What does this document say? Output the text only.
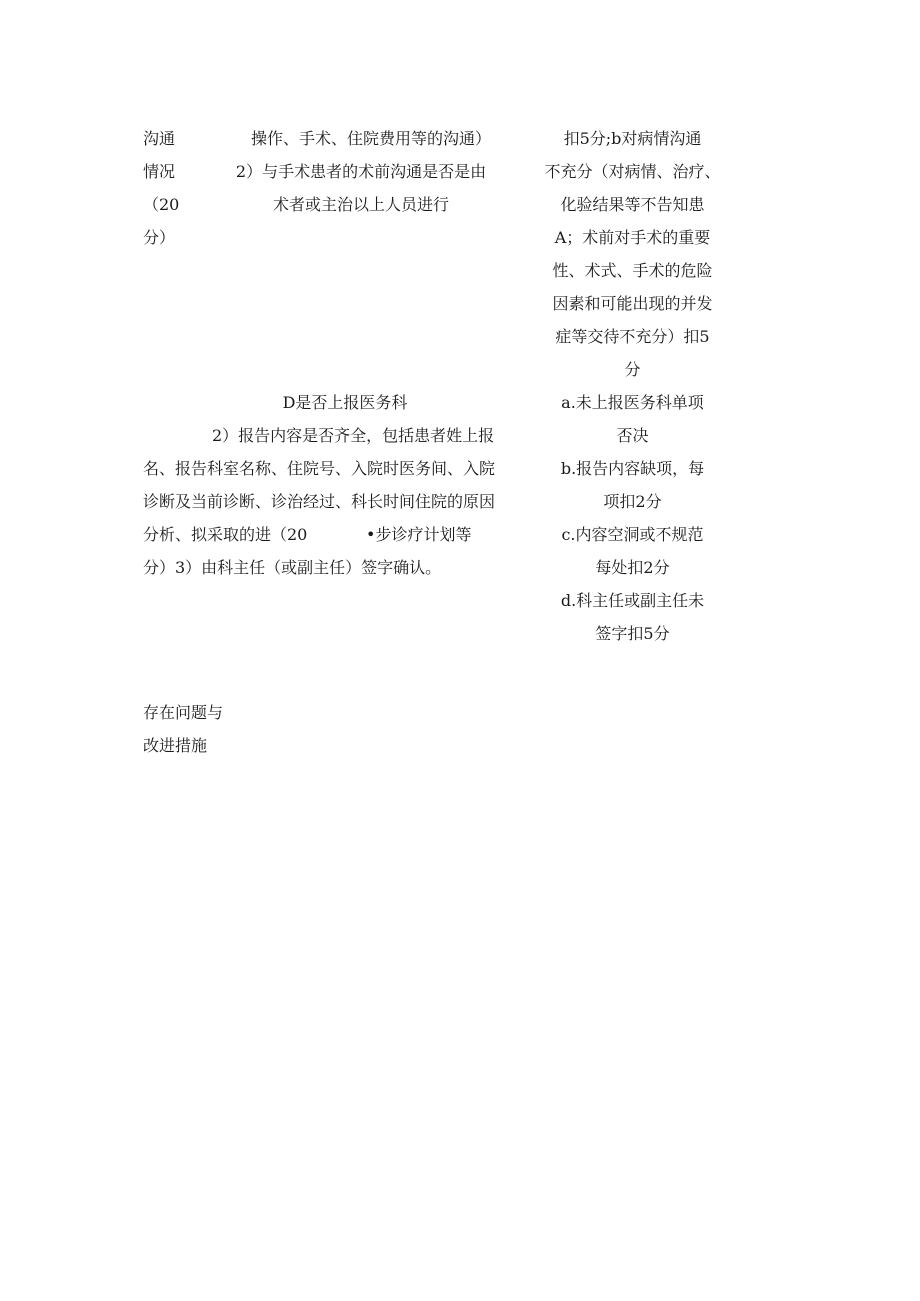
沟通
情况
（20
分）
操作、手术、住院费用等的沟通）
2）与手术患者的术前沟通是否是由
术者或主治以上人员进行
扣5分;b对病情沟通
不充分（对病情、治疗、
化验结果等不告知患
A；术前对手术的重要
性、术式、手术的危险
因素和可能出现的并发
症等交待不充分）扣5
分
D是否上报医务科
2）报告内容是否齐全，包括患者姓上报
名、报告科室名称、住院号、入院时医务间、入院
诊断及当前诊断、诊治经过、科长时间住院的原因
分析、拟采取的进（20	•步诊疗计划等
分）3）由科主任（或副主任）签字确认。
a.未上报医务科单项
否决
b.报告内容缺项，每
项扣2分
c.内容空洞或不规范
每处扣2分
d.科主任或副主任未
签字扣5分
存在问题与
改进措施
